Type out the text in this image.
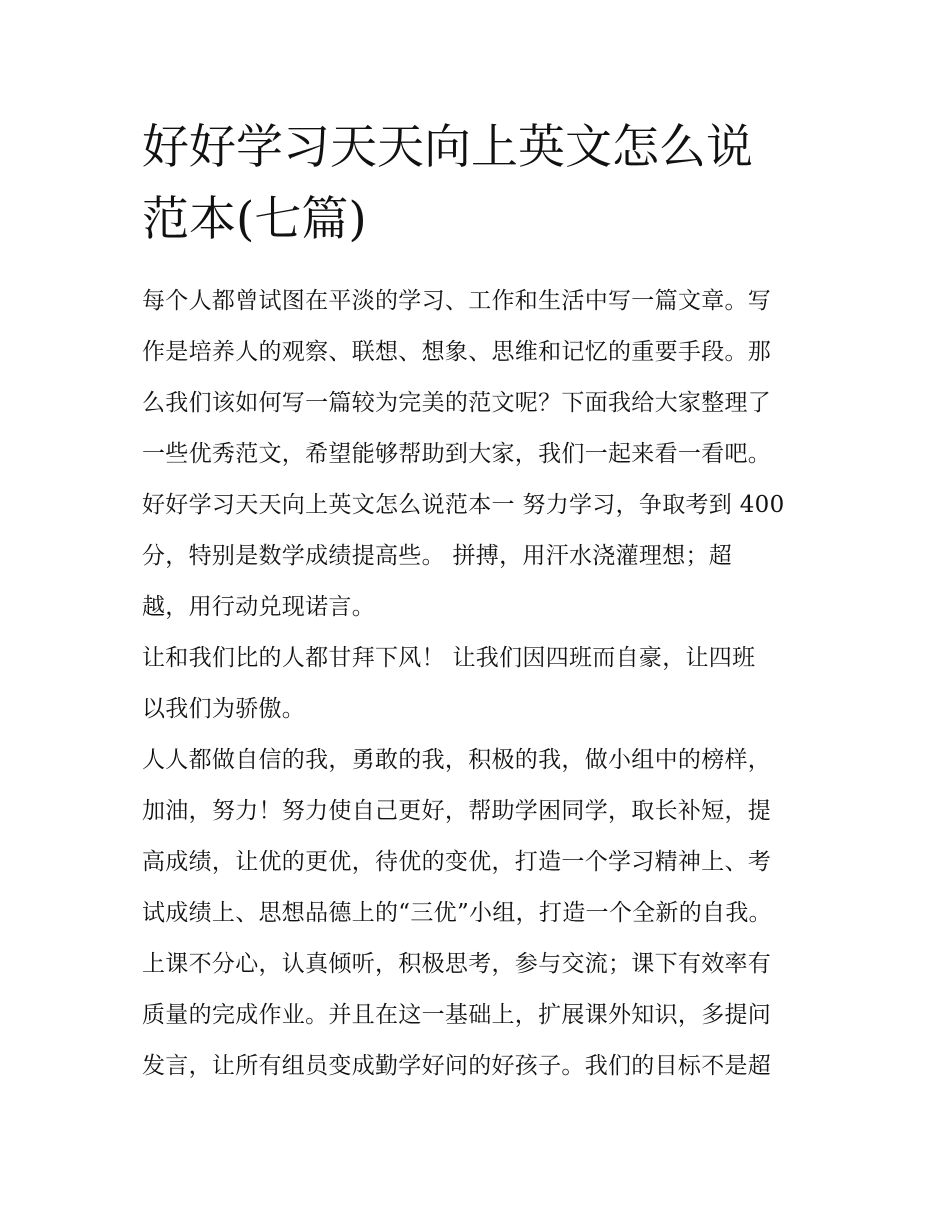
好好学习天天向上英文怎么说
范本(七篇)
每个人都曾试图在平淡的学习、工作和生活中写一篇文章。写
作是培养人的观察、联想、想象、思维和记忆的重要手段。那
么我们该如何写一篇较为完美的范文呢？下面我给大家整理了
一些优秀范文，希望能够帮助到大家，我们一起来看一看吧。
好好学习天天向上英文怎么说范本一 努力学习，争取考到 400
分，特别是数学成绩提高些。 拼搏，用汗水浇灌理想；超
越，用行动兑现诺言。
让和我们比的人都甘拜下风！ 让我们因四班而自豪，让四班
以我们为骄傲。
人人都做自信的我，勇敢的我，积极的我，做小组中的榜样，
加油，努力！努力使自己更好，帮助学困同学，取长补短，提
高成绩，让优的更优，待优的变优，打造一个学习精神上、考
试成绩上、思想品德上的“三优”小组，打造一个全新的自我。
上课不分心，认真倾听，积极思考，参与交流；课下有效率有
质量的完成作业。并且在这一基础上，扩展课外知识，多提问
发言，让所有组员变成勤学好问的好孩子。我们的目标不是超
